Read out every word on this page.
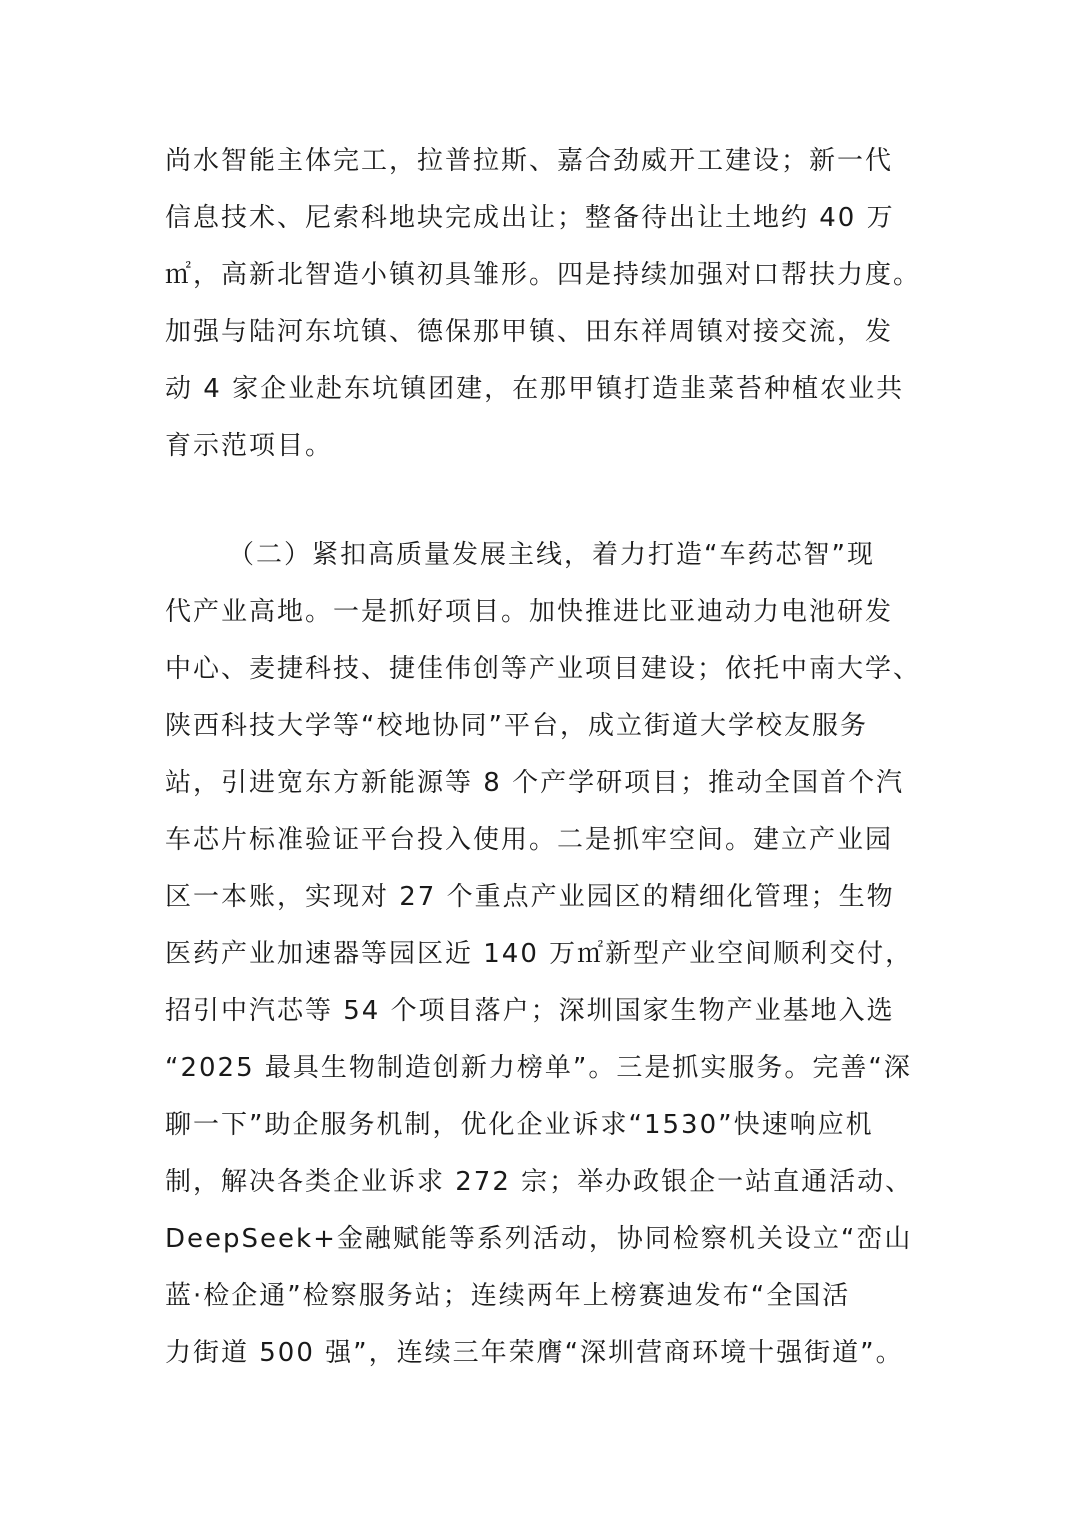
尚水智能主体完工，拉普拉斯、嘉合劲威开工建设；新一代
信息技术、尼索科地块完成出让；整备待出让土地约 40 万
㎡，高新北智造小镇初具雏形。四是持续加强对口帮扶力度。
加强与陆河东坑镇、德保那甲镇、田东祥周镇对接交流，发
动 4 家企业赴东坑镇团建，在那甲镇打造韭菜苔种植农业共
育示范项目。
（二）紧扣高质量发展主线，着力打造“车药芯智”现
代产业高地。一是抓好项目。加快推进比亚迪动力电池研发
中心、麦捷科技、捷佳伟创等产业项目建设；依托中南大学、
陕西科技大学等“校地协同”平台，成立街道大学校友服务
站，引进宽东方新能源等 8 个产学研项目；推动全国首个汽
车芯片标准验证平台投入使用。二是抓牢空间。建立产业园
区一本账，实现对 27 个重点产业园区的精细化管理；生物
医药产业加速器等园区近 140 万㎡新型产业空间顺利交付，
招引中汽芯等 54 个项目落户；深圳国家生物产业基地入选
“2025 最具生物制造创新力榜单”。三是抓实服务。完善“深
聊一下”助企服务机制，优化企业诉求“1530”快速响应机
制，解决各类企业诉求 272 宗；举办政银企一站直通活动、
DeepSeek+金融赋能等系列活动，协同检察机关设立“峦山
蓝·检企通”检察服务站；连续两年上榜赛迪发布“全国活
力街道 500 强”，连续三年荣膺“深圳营商环境十强街道”。
